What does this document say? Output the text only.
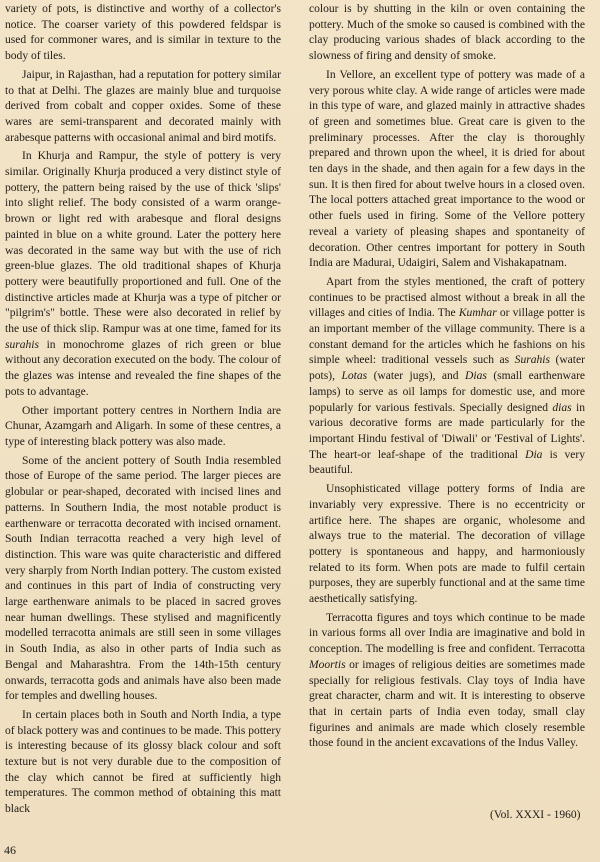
variety of pots, is distinctive and worthy of a collector's notice. The coarser variety of this powdered feldspar is used for commoner wares, and is similar in texture to the body of tiles.

Jaipur, in Rajasthan, had a reputation for pottery similar to that at Delhi. The glazes are mainly blue and turquoise derived from cobalt and copper oxides. Some of these wares are semi-transparent and decorated mainly with arabesque patterns with occasional animal and bird motifs.

In Khurja and Rampur, the style of pottery is very similar. Originally Khurja produced a very distinct style of pottery, the pattern being raised by the use of thick 'slips' into slight relief. The body consisted of a warm orange-brown or light red with arabesque and floral designs painted in blue on a white ground. Later the pottery here was decorated in the same way but with the use of rich green-blue glazes. The old traditional shapes of Khurja pottery were beautifully proportioned and full. One of the distinctive articles made at Khurja was a type of pitcher or "pilgrim's" bottle. These were also decorated in relief by the use of thick slip. Rampur was at one time, famed for its surahis in monochrome glazes of rich green or blue without any decoration executed on the body. The colour of the glazes was intense and revealed the fine shapes of the pots to advantage.

Other important pottery centres in Northern India are Chunar, Azamgarh and Aligarh. In some of these centres, a type of interesting black pottery was also made.

Some of the ancient pottery of South India resembled those of Europe of the same period. The larger pieces are globular or pear-shaped, decorated with incised lines and patterns. In Southern India, the most notable product is earthenware or terracotta decorated with incised ornament. South Indian terracotta reached a very high level of distinction. This ware was quite characteristic and differed very sharply from North Indian pottery. The custom existed and continues in this part of India of constructing very large earthenware animals to be placed in sacred groves near human dwellings. These stylised and magnificently modelled terracotta animals are still seen in some villages in South India, as also in other parts of India such as Bengal and Maharashtra. From the 14th-15th century onwards, terracotta gods and animals have also been made for temples and dwelling houses.

In certain places both in South and North India, a type of black pottery was and continues to be made. This pottery is interesting because of its glossy black colour and soft texture but is not very durable due to the composition of the clay which cannot be fired at sufficiently high temperatures. The common method of obtaining this matt black

colour is by shutting in the kiln or oven containing the pottery. Much of the smoke so caused is combined with the clay producing various shades of black according to the slowness of firing and density of smoke.

In Vellore, an excellent type of pottery was made of a very porous white clay. A wide range of articles were made in this type of ware, and glazed mainly in attractive shades of green and sometimes blue. Great care is given to the preliminary processes. After the clay is thoroughly prepared and thrown upon the wheel, it is dried for about ten days in the shade, and then again for a few days in the sun. It is then fired for about twelve hours in a closed oven. The local potters attached great importance to the wood or other fuels used in firing. Some of the Vellore pottery reveal a variety of pleasing shapes and spontaneity of decoration. Other centres important for pottery in South India are Madurai, Udaigiri, Salem and Vishakapatnam.

Apart from the styles mentioned, the craft of pottery continues to be practised almost without a break in all the villages and cities of India. The Kumhar or village potter is an important member of the village community. There is a constant demand for the articles which he fashions on his simple wheel: traditional vessels such as Surahis (water pots), Lotas (water jugs), and Dias (small earthenware lamps) to serve as oil lamps for domestic use, and more popularly for various festivals. Specially designed dias in various decorative forms are made particularly for the important Hindu festival of 'Diwali' or 'Festival of Lights'. The heart-or leaf-shape of the traditional Dia is very beautiful.

Unsophisticated village pottery forms of India are invariably very expressive. There is no eccentricity or artifice here. The shapes are organic, wholesome and always true to the material. The decoration of village pottery is spontaneous and happy, and harmoniously related to its form. When pots are made to fulfil certain purposes, they are superbly functional and at the same time aesthetically satisfying.

Terracotta figures and toys which continue to be made in various forms all over India are imaginative and bold in conception. The modelling is free and confident. Terracotta Moortis or images of religious deities are sometimes made specially for religious festivals. Clay toys of India have great character, charm and wit. It is interesting to observe that in certain parts of India even today, small clay figurines and animals are made which closely resemble those found in the ancient excavations of the Indus Valley.

(Vol. XXXI - 1960)
46
